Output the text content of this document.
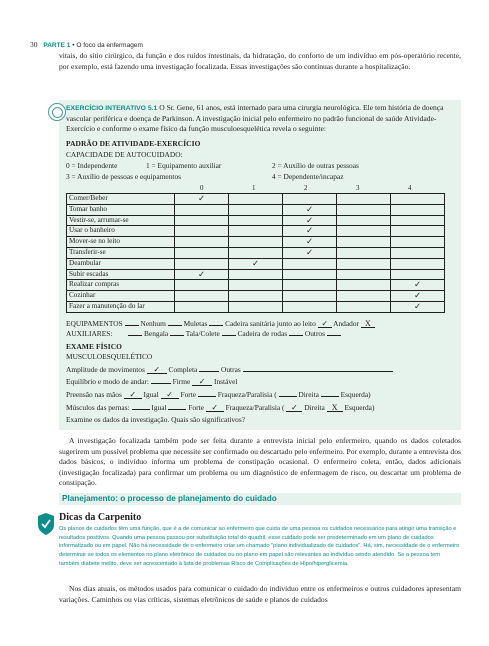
30 PARTE 1 • O foco da enfermagem

vitais, do sítio cirúrgico, da função e dos ruídos intestinais, da hidratação, do conforto de um indivíduo em pós-operatório recente, por exemplo, está fazendo uma investigação focalizada. Essas investigações são contínuas durante a hospitalização.

EXERCÍCIO INTERATIVO 5.1 O Sr. Gene, 61 anos, está internado para uma cirurgia neurológica. Ele tem história de doença vascular periférica e doença de Parkinson. A investigação inicial pelo enfermeiro no padrão funcional de saúde Atividade-Exercício e conforme o exame físico da função musculoesquelética revela o seguinte:

PADRÃO DE ATIVIDADE-EXERCÍCIO
CAPACIDADE DE AUTOCUIDADO:
0 = Independente	1 = Equipamento auxiliar	2 = Auxílio de outras pessoas
3 = Auxílio de pessoas e equipamentos	4 = Dependente/incapaz
0	1	2	3	4
Comer/Beber	✓				
Tomar banho			✓		
Vestir-se, arrumar-se			✓		
Usar o banheiro			✓		
Mover-se no leito			✓		
Transferir-se			✓		
Deambular		✓			
Subir escadas	✓				
Realizar compras					✓
Cozinhar					✓
Fazer a manutenção do lar					✓
EQUIPAMENTOS Nenhum Muletas Cadeira sanitária junto ao leito ✓ Andador X
AUXILIARES:	Bengala Tala/Colete Cadeira de rodas Outros
EXAME FÍSICO
MUSCULOESQUELÉTICO
Amplitude de movimentos ✓ Completa	Outras
Equilíbrio e modo de andar:	Firme ✓ Instável
Preensão nas mãos ✓ Igual ✓ Forte	Fraqueza/Paralisia (	Direita	Esquerda)
Músculos das pernas:	Igual	Forte ✓ Fraqueza/Paralisia ( ✓ Direita X Esquerda)
Examine os dados da investigação. Quais são significativos?

A investigação focalizada também pode ser feita durante a entrevista inicial pelo enfermeiro, quando os dados coletados sugerirem um possível problema que necessite ser confirmado ou descartado pelo enfermeiro. Por exemplo, durante a entrevista dos dados básicos, o indivíduo informa um problema de constipação ocasional. O enfermeiro coleta, então, dados adicionais (investigação focalizada) para confirmar um problema ou um diagnóstico de enfermagem de risco, ou descartar um problema de constipação.

Planejamento: o processo de planejamento do cuidado
Dicas da Carpenito

Os planos de cuidados têm uma função, que é a de comunicar ao enfermeiro que cuida de uma pessoa os cuidados necessários para atingir uma transição e resultados positivos. Quando uma pessoa passou por substituição total do quadril, esse cuidado pode ser predeterminado em um plano de cuidados informatizado ou em papel. Não há necessidade de o enfermeiro criar um chamado "plano individualizado de cuidados". Há, sim, necessidade de o enfermeiro determinar se todos os elementos no plano eletrônico de cuidados ou no plano em papel são relevantes ao indivíduo sendo atendido. Se a pessoa tem também diabete melito, deve ser acrescentado à lista de problemas Risco de Complicações de Hipo/hiperglicemia.

Nos dias atuais, os métodos usados para comunicar o cuidado do indivíduo entre os enfermeiros e outros cuidadores apresentam variações. Caminhos ou vias críticas, sistemas eletrônicos de saúde e planos de cuidados
